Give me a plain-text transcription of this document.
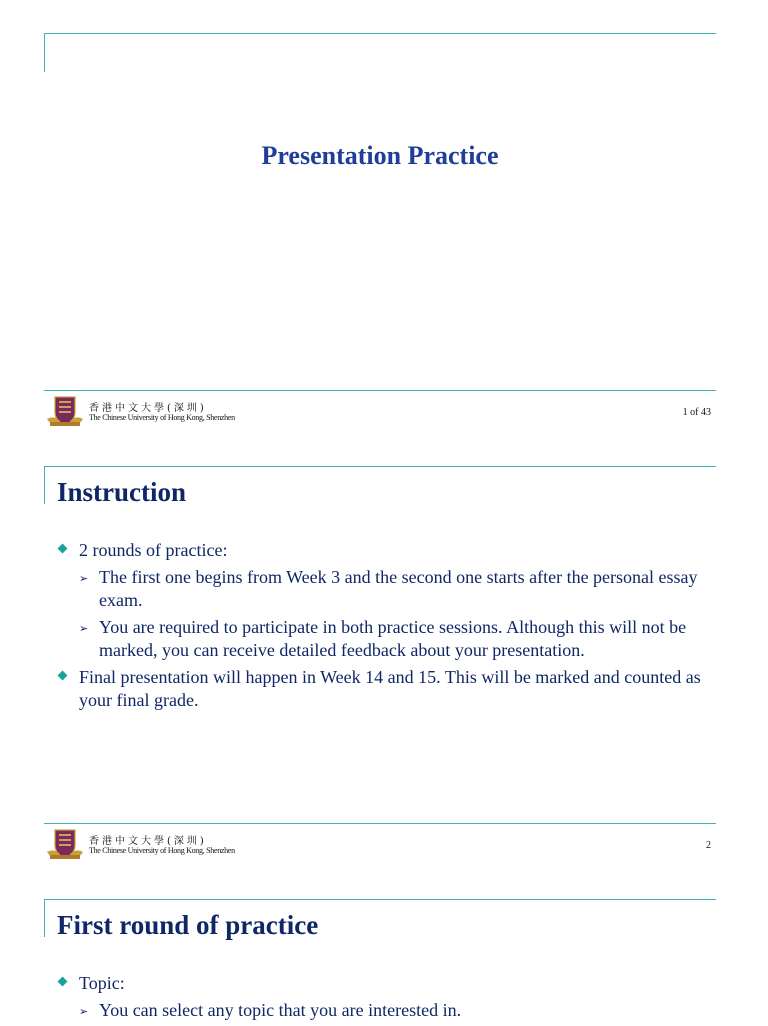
Presentation Practice
香港中文大學(深圳)
The Chinese University of Hong Kong, Shenzhen	1 of 43
Instruction
2 rounds of practice:
➢ The first one begins from Week 3 and the second one starts after the personal essay exam.
➢ You are required to participate in both practice sessions. Although this will not be marked, you can receive detailed feedback about your presentation.
Final presentation will happen in Week 14 and 15. This will be marked and counted as your final grade.
香港中文大學(深圳)
The Chinese University of Hong Kong, Shenzhen	2
First round of practice
Topic:
➢ You can select any topic that you are interested in.
